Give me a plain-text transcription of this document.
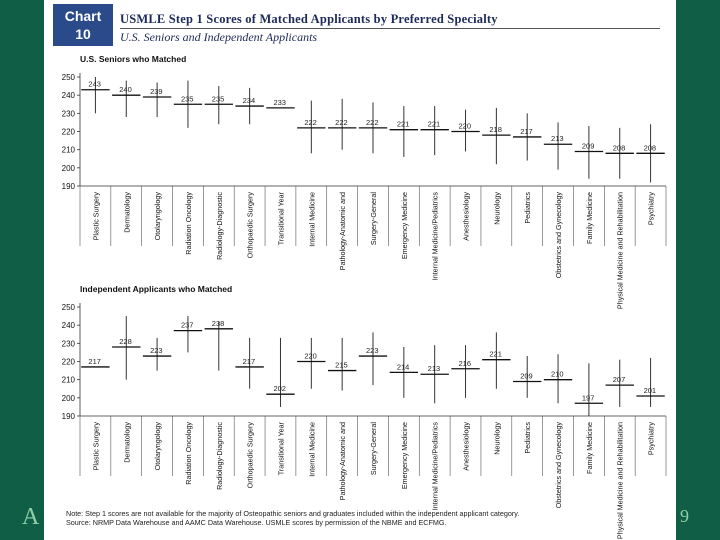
A	9
Chart
10
USMLE Step 1 Scores of Matched Applicants by Preferred Specialty
U.S. Seniors and Independent Applicants
U.S. Seniors who Matched
190
200
210
220
230
240
250
243
Plastic Surgery
240
Dermatology
239
Otolaryngology
235
Radiation Oncology
235
Radiology-Diagnostic
234
Orthopaedic Surgery
233
Transitional Year
222
Internal Medicine
222
Pathology-Anatomic and
222
Surgery-General
221
Emergency Medicine
221
Internal Medicine/Pediatrics
220
Anesthesiology
218
Neurology
217
Pediatrics
213
Obstetrics and Gynecology
209
Family Medicine
208
Physical Medicine and Rehabilitation
208
Psychiatry
Independent Applicants who Matched
190
200
210
220
230
240
250
217
Plastic Surgery
228
Dermatology
223
Otolaryngology
237
Radiation Oncology
238
Radiology-Diagnostic
217
Orthopaedic Surgery
202
Transitional Year
220
Internal Medicine
215
Pathology-Anatomic and
223
Surgery-General
214
Emergency Medicine
213
Internal Medicine/Pediatrics
216
Anesthesiology
221
Neurology
209
Pediatrics
210
Obstetrics and Gynecology
197
Family Medicine
207
Physical Medicine and Rehabilitation
201
Psychiatry
Note: Step 1 scores are not available for the majority of Osteopathic seniors and graduates included within the independent applicant category.
Source: NRMP Data Warehouse and AAMC Data Warehouse. USMLE scores by permission of the NBME and ECFMG.
